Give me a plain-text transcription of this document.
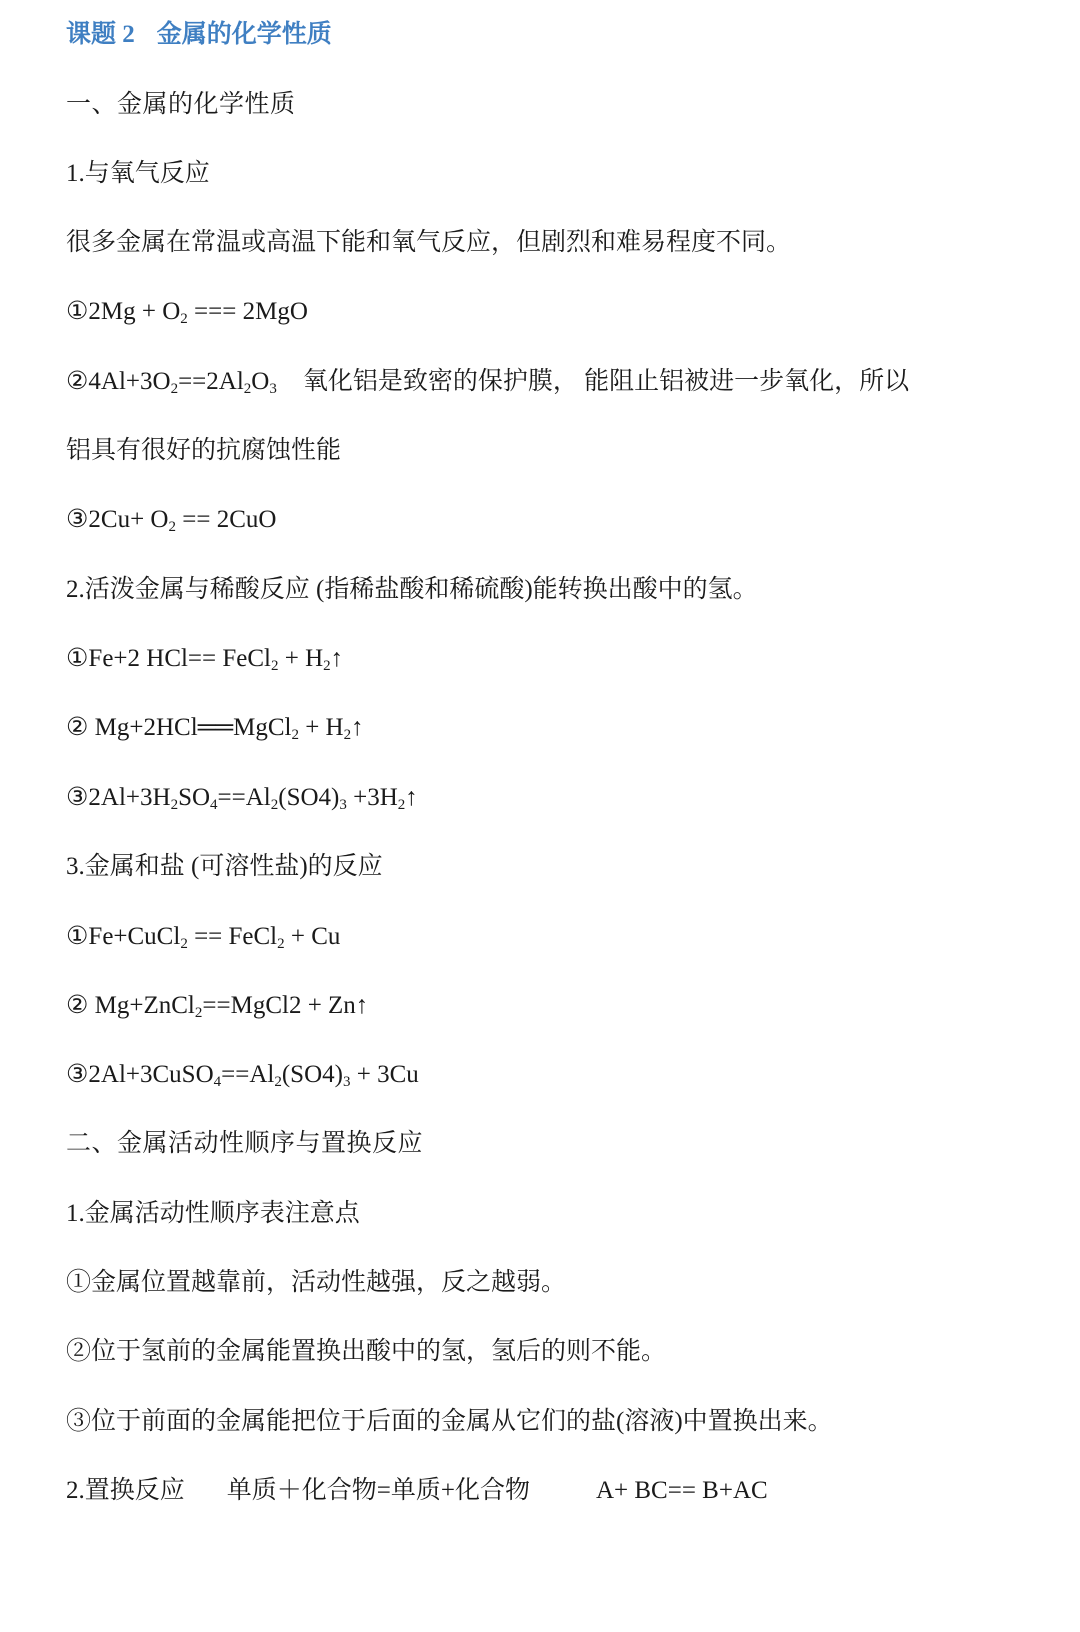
课题 2 金属的化学性质
一、金属的化学性质
1.与氧气反应
很多金属在常温或高温下能和氧气反应，但剧烈和难易程度不同。
①2Mg + $O_2$ === 2MgO
$②4Al+3O_2==2Al_2O_3$ 氧化铝是致密的保护膜， 能阻止铝被进一步氧化，所以
铝具有很好的抗腐蚀性能
③2Cu+ $O_2 == 2CuO$
2.活泼金属与稀酸反应 (指稀盐酸和稀硫酸)能转换出酸中的氢。
①Fe+2 HCl== FeCl$_2$ + $H_2↑$
② Mg+2HCl══MgCl$_2$ + $H_2↑$
$③2Al+3H_2SO_4==Al_2(SO4)_3$ $+3H_2↑$
3.金属和盐 (可溶性盐)的反应
①Fe+CuCl$_2$ == FeCl$_2$ + Cu
② Mg+ZnCl$_2$==MgCl2 + Zn↑
$③2Al+3CuSO_4==Al_2(SO4)_3 + 3Cu$
二、金属活动性顺序与置换反应
1.金属活动性顺序表注意点
①金属位置越靠前，活动性越强，反之越弱。
②位于氢前的金属能置换出酸中的氢，氢后的则不能。
③位于前面的金属能把位于后面的金属从它们的盐(溶液)中置换出来。
2.置换反应 单质＋化合物=单质+化合物	A+ BC== B+AC
